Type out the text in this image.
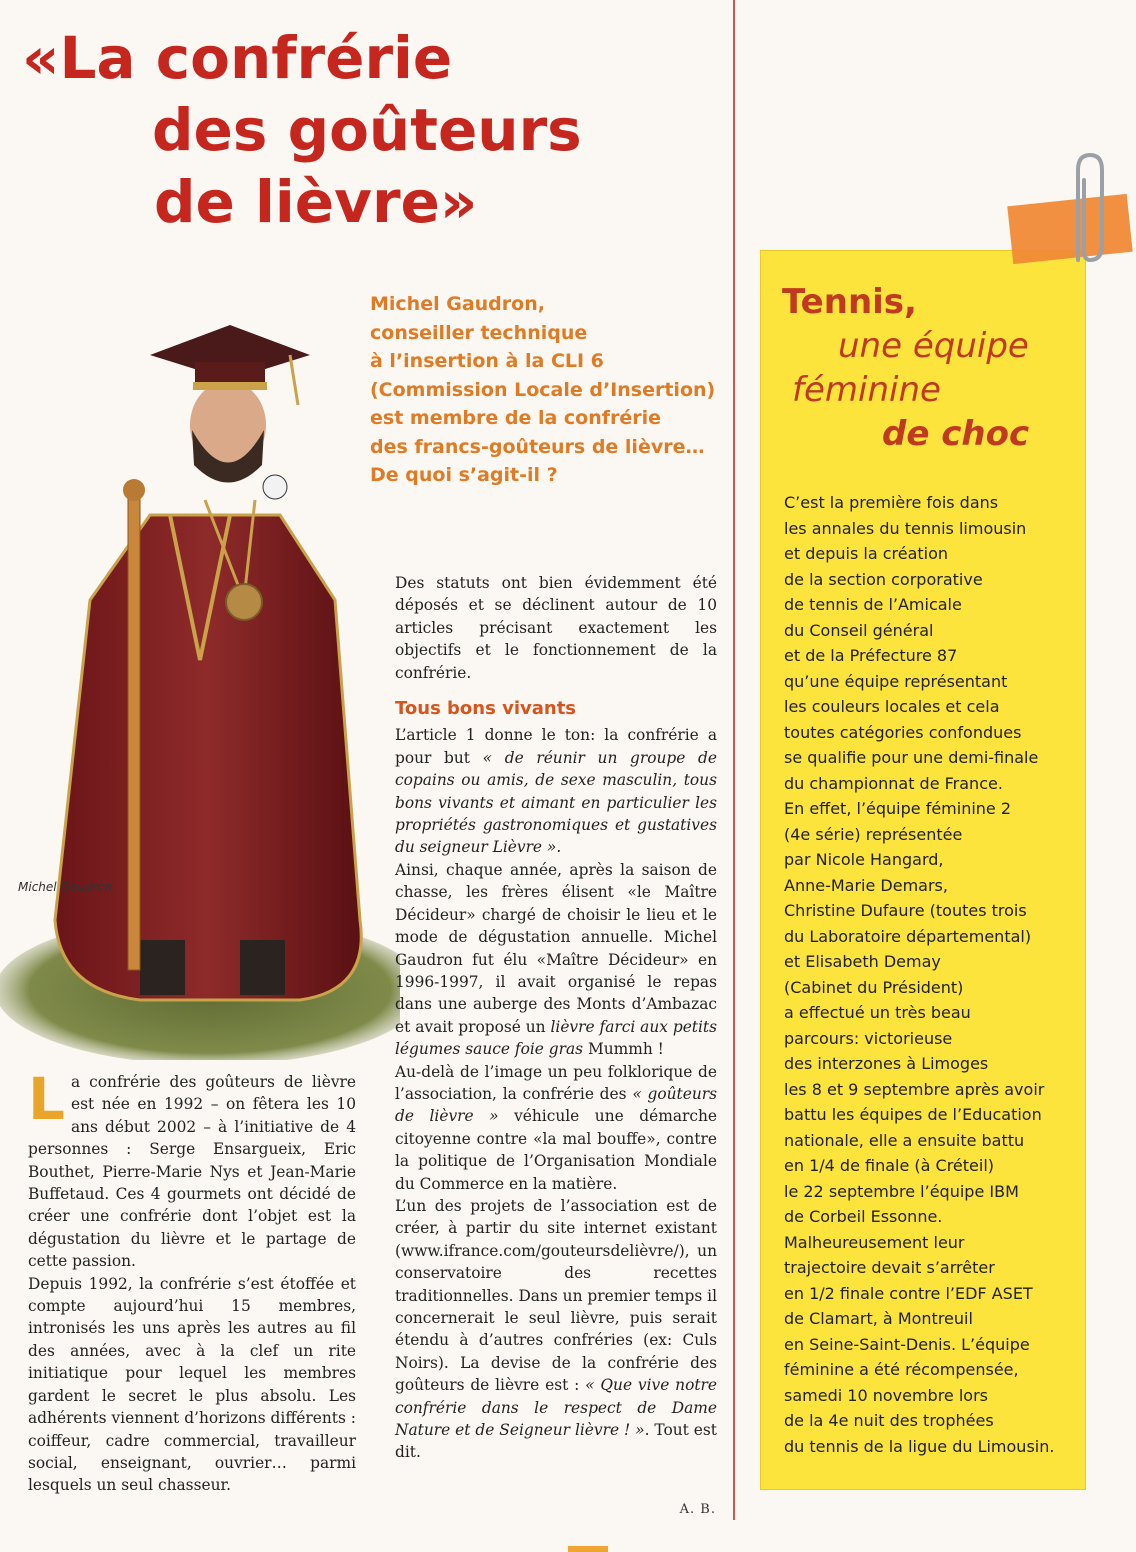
«La confrérie
des goûteurs
de lièvre»
Michel Gaudron
Michel Gaudron,
conseiller technique
à l’insertion à la CLI 6
(Commission Locale d’Insertion)
est membre de la confrérie
des francs-goûteurs de lièvre…
De quoi s’agit-il ?

Des statuts ont bien évidemment été déposés et se déclinent autour de 10 articles précisant exactement les objectifs et le fonctionnement de la confrérie.

Tous bons vivants

L’article 1 donne le ton: la confrérie a pour but « de réunir un groupe de copains ou amis, de sexe masculin, tous bons vivants et aimant en particulier les propriétés gastronomiques et gustatives du seigneur Lièvre ».

Ainsi, chaque année, après la saison de chasse, les frères élisent «le Maître Décideur» chargé de choisir le lieu et le mode de dégustation annuelle. Michel Gaudron fut élu «Maître Décideur» en 1996-1997, il avait organisé le repas dans une auberge des Monts d’Ambazac et avait proposé un lièvre farci aux petits légumes sauce foie gras Mummh !

Au-delà de l’image un peu folklorique de l’association, la confrérie des « goûteurs de lièvre » véhicule une démarche citoyenne contre «la mal bouffe», contre la politique de l’Organisation Mondiale du Commerce en la matière.

L’un des projets de l’association est de créer, à partir du site internet existant (www.ifrance.com/gouteursdelièvre/), un conservatoire des recettes traditionnelles. Dans un premier temps il concernerait le seul lièvre, puis serait étendu à d’autres confréries (ex: Culs Noirs). La devise de la confrérie des goûteurs de lièvre est : « Que vive notre confrérie dans le respect de Dame Nature et de Seigneur lièvre ! ». Tout est dit.

A. B.

La confrérie des goûteurs de lièvre est née en 1992 – on fêtera les 10 ans début 2002 – à l’initiative de 4 personnes : Serge Ensargueix, Eric Bouthet, Pierre-Marie Nys et Jean-Marie Buffetaud. Ces 4 gourmets ont décidé de créer une confrérie dont l’objet est la dégustation du lièvre et le partage de cette passion.

Depuis 1992, la confrérie s’est étoffée et compte aujourd’hui 15 membres, intronisés les uns après les autres au fil des années, avec à la clef un rite initiatique pour lequel les membres gardent le secret le plus absolu. Les adhérents viennent d’horizons différents : coiffeur, cadre commercial, travailleur social, enseignant, ouvrier… parmi lesquels un seul chasseur.

Tennis,
une équipe
féminine
de choc
C’est la première fois dans
les annales du tennis limousin
et depuis la création
de la section corporative
de tennis de l’Amicale
du Conseil général
et de la Préfecture 87
qu’une équipe représentant
les couleurs locales et cela
toutes catégories confondues
se qualifie pour une demi-finale
du championnat de France.
En effet, l’équipe féminine 2
(4e série) représentée
par Nicole Hangard,
Anne-Marie Demars,
Christine Dufaure (toutes trois
du Laboratoire départemental)
et Elisabeth Demay
(Cabinet du Président)
a effectué un très beau
parcours: victorieuse
des interzones à Limoges
les 8 et 9 septembre après avoir
battu les équipes de l’Education
nationale, elle a ensuite battu
en 1/4 de finale (à Créteil)
le 22 septembre l’équipe IBM
de Corbeil Essonne.
Malheureusement leur
trajectoire devait s’arrêter
en 1/2 finale contre l’EDF ASET
de Clamart, à Montreuil
en Seine-Saint-Denis. L’équipe
féminine a été récompensée,
samedi 10 novembre lors
de la 4e nuit des trophées
du tennis de la ligue du Limousin.
